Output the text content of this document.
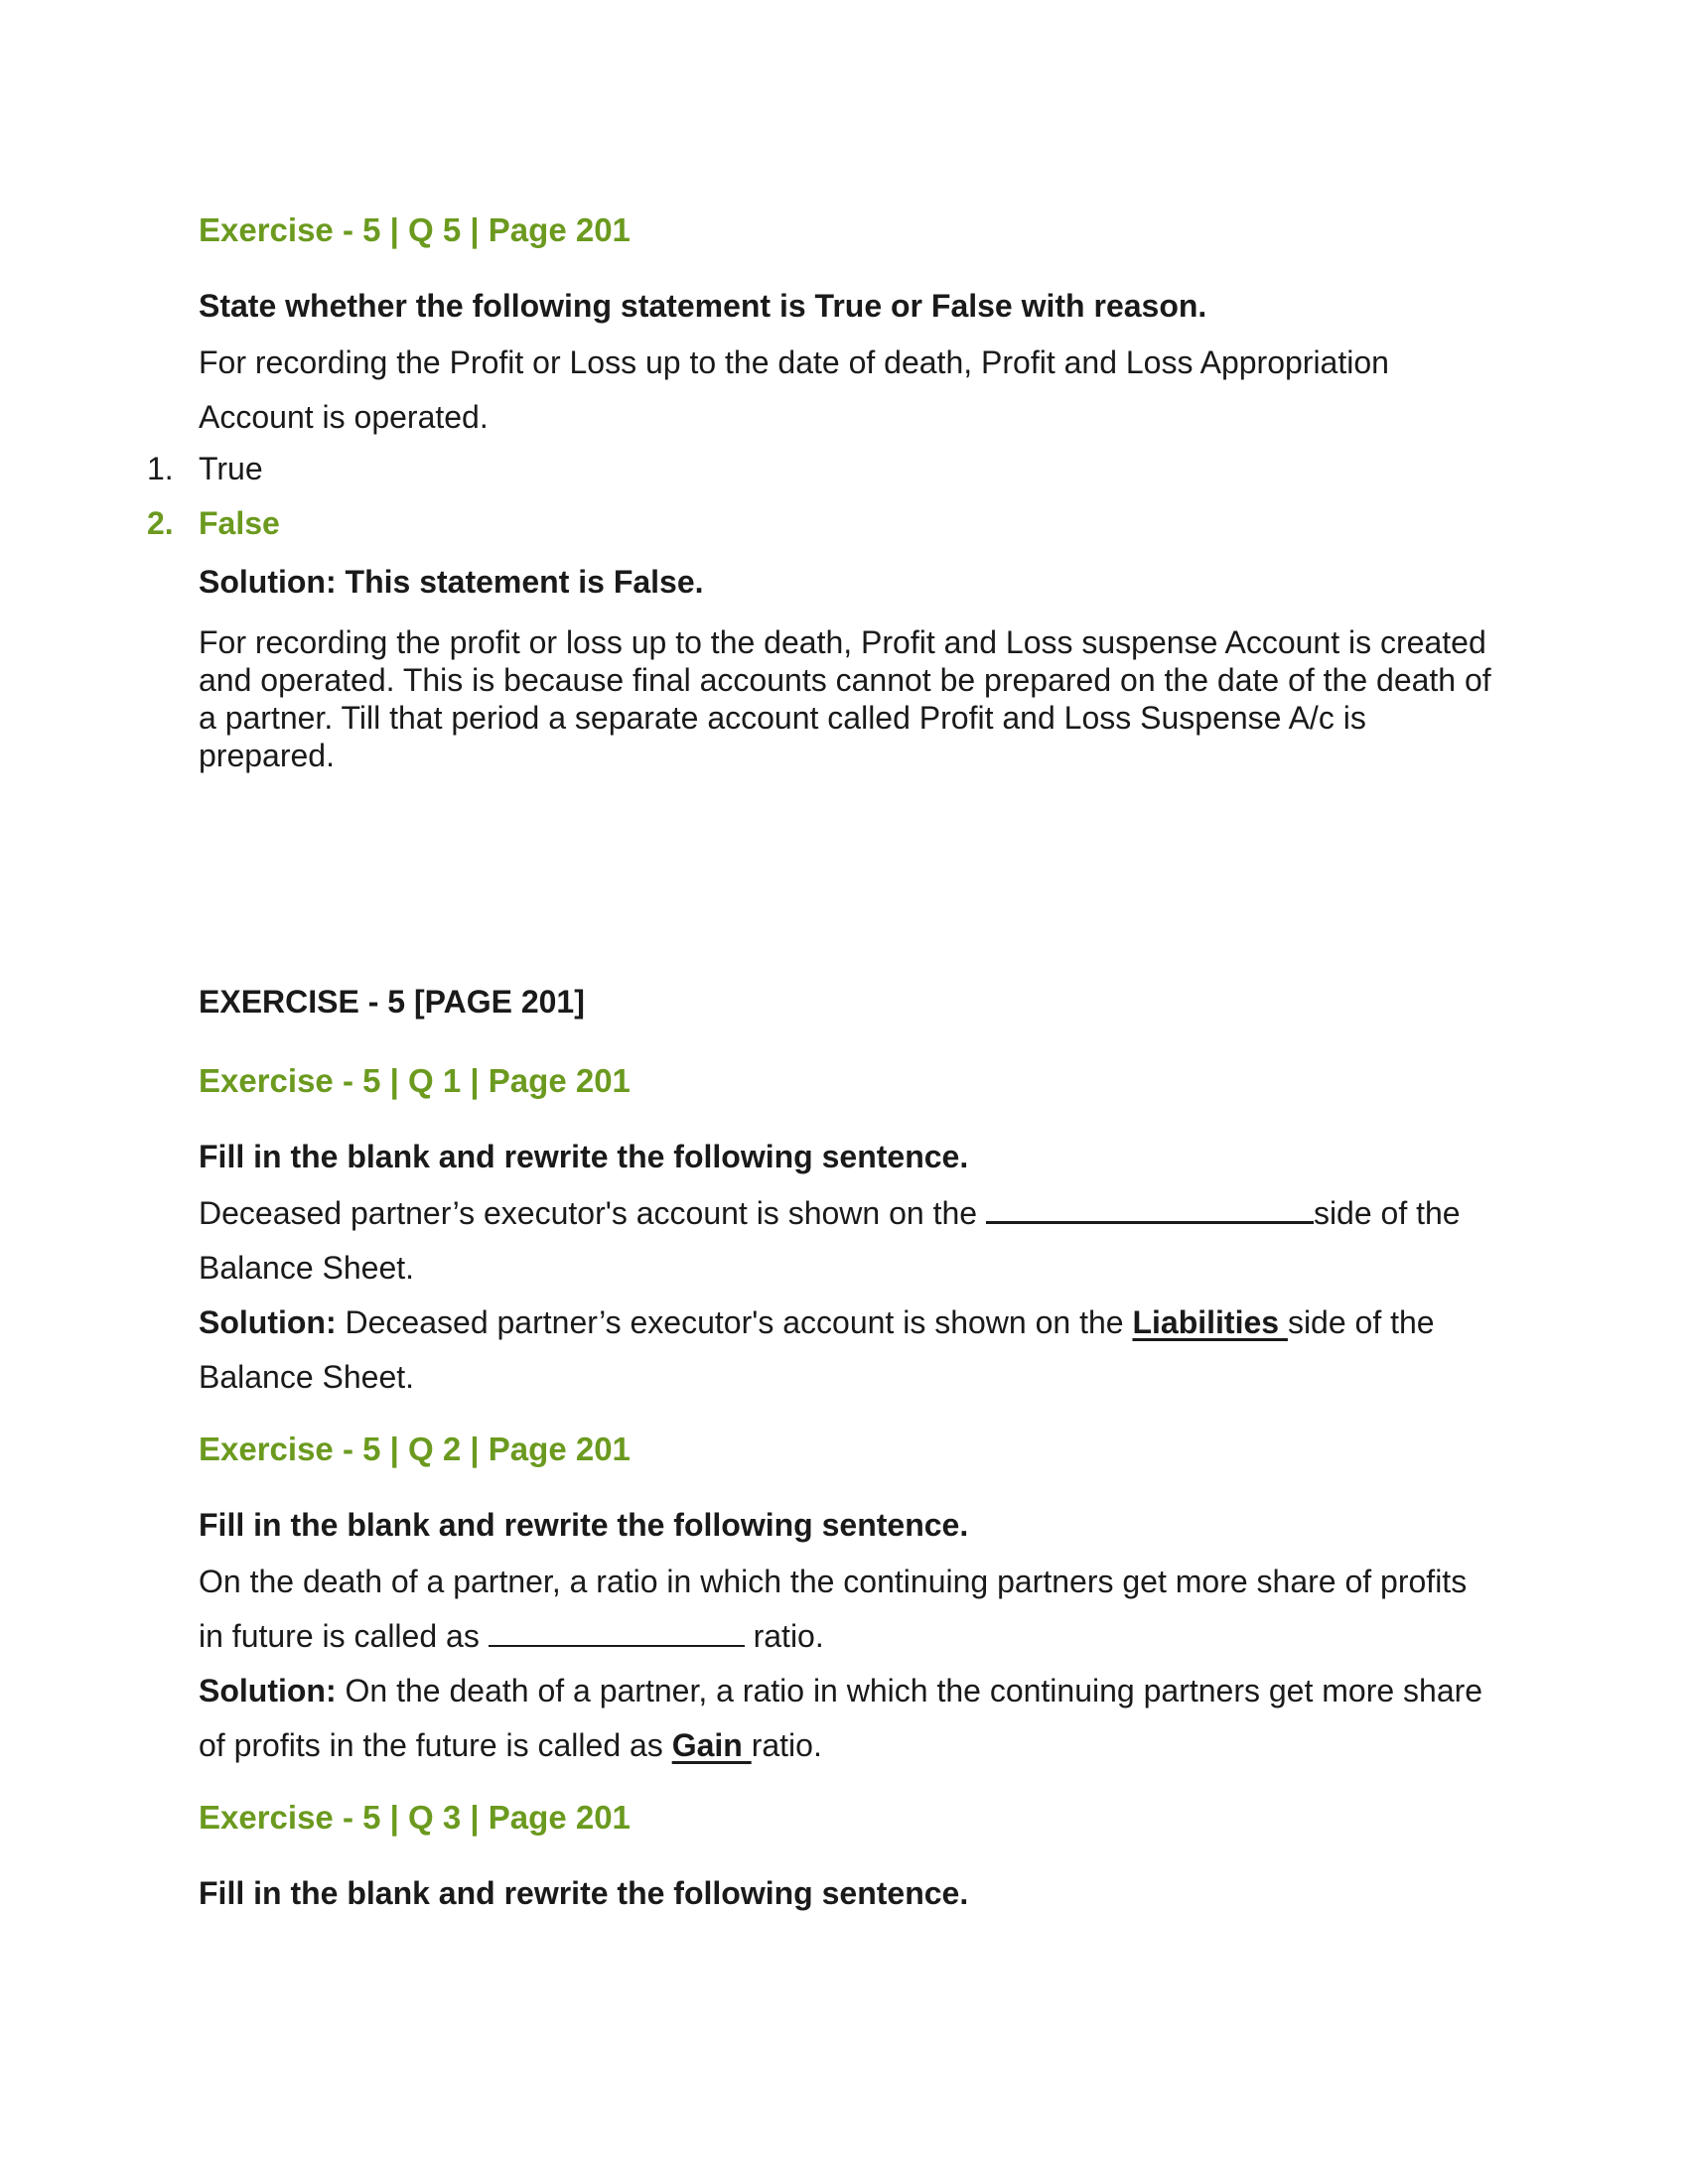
Exercise - 5 | Q 5 | Page 201

State whether the following statement is True or False with reason.

For recording the Profit or Loss up to the date of death, Profit and Loss Appropriation Account is operated.

1. True
2. False

Solution: This statement is False.

For recording the profit or loss up to the death, Profit and Loss suspense Account is created and operated. This is because final accounts cannot be prepared on the date of the death of a partner. Till that period a separate account called Profit and Loss Suspense A/c is prepared.

EXERCISE - 5 [PAGE 201]

Exercise - 5 | Q 1 | Page 201

Fill in the blank and rewrite the following sentence.

Deceased partner’s executor's account is shown on the	side of the Balance Sheet.

Solution: Deceased partner’s executor's account is shown on the Liabilities side of the Balance Sheet.

Exercise - 5 | Q 2 | Page 201

Fill in the blank and rewrite the following sentence.

On the death of a partner, a ratio in which the continuing partners get more share of profits in future is called as	ratio.

Solution: On the death of a partner, a ratio in which the continuing partners get more share of profits in the future is called as Gain ratio.

Exercise - 5 | Q 3 | Page 201

Fill in the blank and rewrite the following sentence.
